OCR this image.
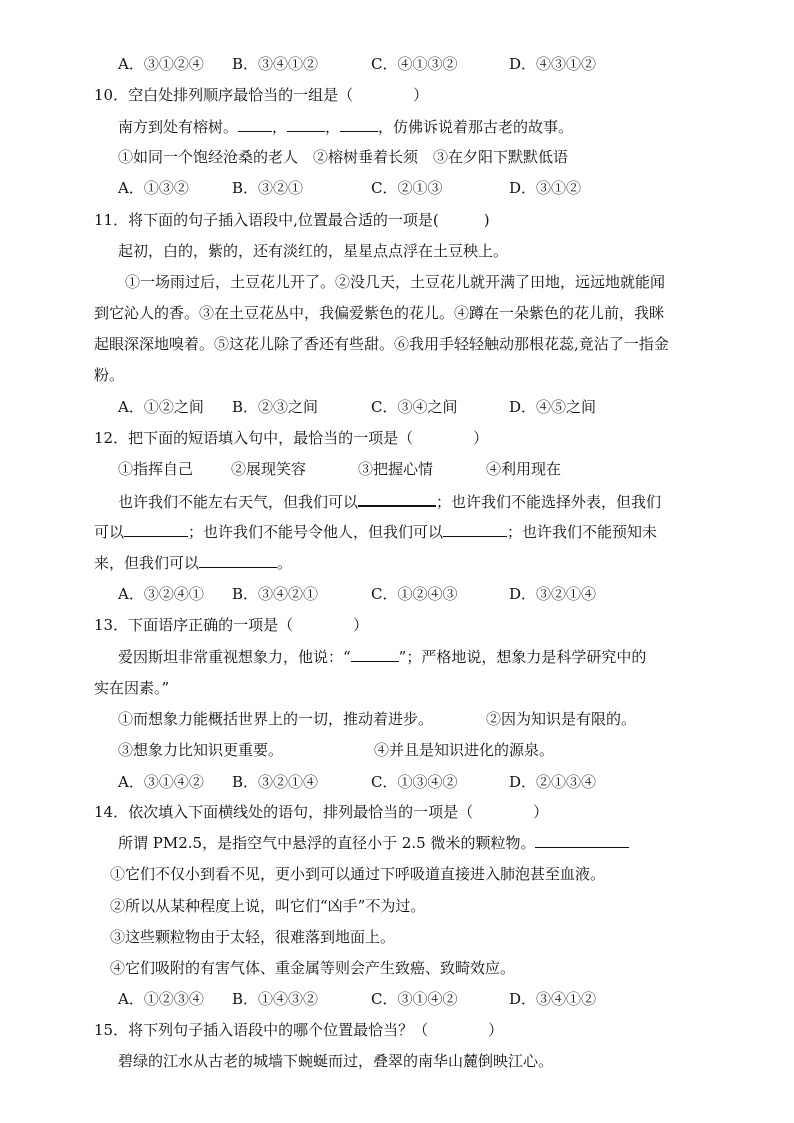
A．③①②④ B．③④①②	C．④①③②	D．④③①②
10．空白处排列顺序最恰当的一组是（　　　　）
南方到处有榕树。 ，	，	，仿佛诉说着那古老的故事。
①如同一个饱经沧桑的老人　②榕树垂着长须　③在夕阳下默默低语
A．①③②	B．③②①	C．②①③	D．③①②
11．将下面的句子插入语段中,位置最合适的一项是(　　　)
起初，白的，紫的，还有淡红的，星星点点浮在土豆秧上。
①一场雨过后，土豆花儿开了。②没几天，土豆花儿就开满了田地，远远地就能闻
到它沁人的香。③在土豆花丛中，我偏爱紫色的花儿。④蹲在一朵紫色的花儿前，我眯
起眼深深地嗅着。⑤这花儿除了香还有些甜。⑥我用手轻轻触动那根花蕊,竟沾了一指金
粉。
A．①②之间 B．②③之间	C．③④之间	D．④⑤之间
12．把下面的短语填入句中，最恰当的一项是（　　　　）
①指挥自己	②展现笑容	③把握心情	④利用现在
也许我们不能左右天气，但我们可以	；也许我们不能选择外表，但我们
可以	；也许我们不能号令他人，但我们可以	；也许我们不能预知未
来，但我们可以	。
A．③②④① B．③④②①	C．①②④③	D．③②①④
13．下面语序正确的一项是（　　　　）
爱因斯坦非常重视想象力，他说：“	”；严格地说，想象力是科学研究中的
实在因素。”
①而想象力能概括世界上的一切，推动着进步。	②因为知识是有限的。
③想象力比知识更重要。	④并且是知识进化的源泉。
A．③①④② B．③②①④	C．①③④②	D．②①③④
14．依次填入下面横线处的语句，排列最恰当的一项是（　　　　）
所谓 PM2.5，是指空气中悬浮的直径小于 2.5 微米的颗粒物。
①它们不仅小到看不见，更小到可以通过下呼吸道直接进入肺泡甚至血液。
②所以从某种程度上说，叫它们“凶手”不为过。
③这些颗粒物由于太轻，很难落到地面上。
④它们吸附的有害气体、重金属等则会产生致癌、致畸效应。
A．①②③④ B．①④③②	C．③①④②	D．③④①②
15．将下列句子插入语段中的哪个位置最恰当？（　　　　）
碧绿的江水从古老的城墙下蜿蜒而过，叠翠的南华山麓倒映江心。
